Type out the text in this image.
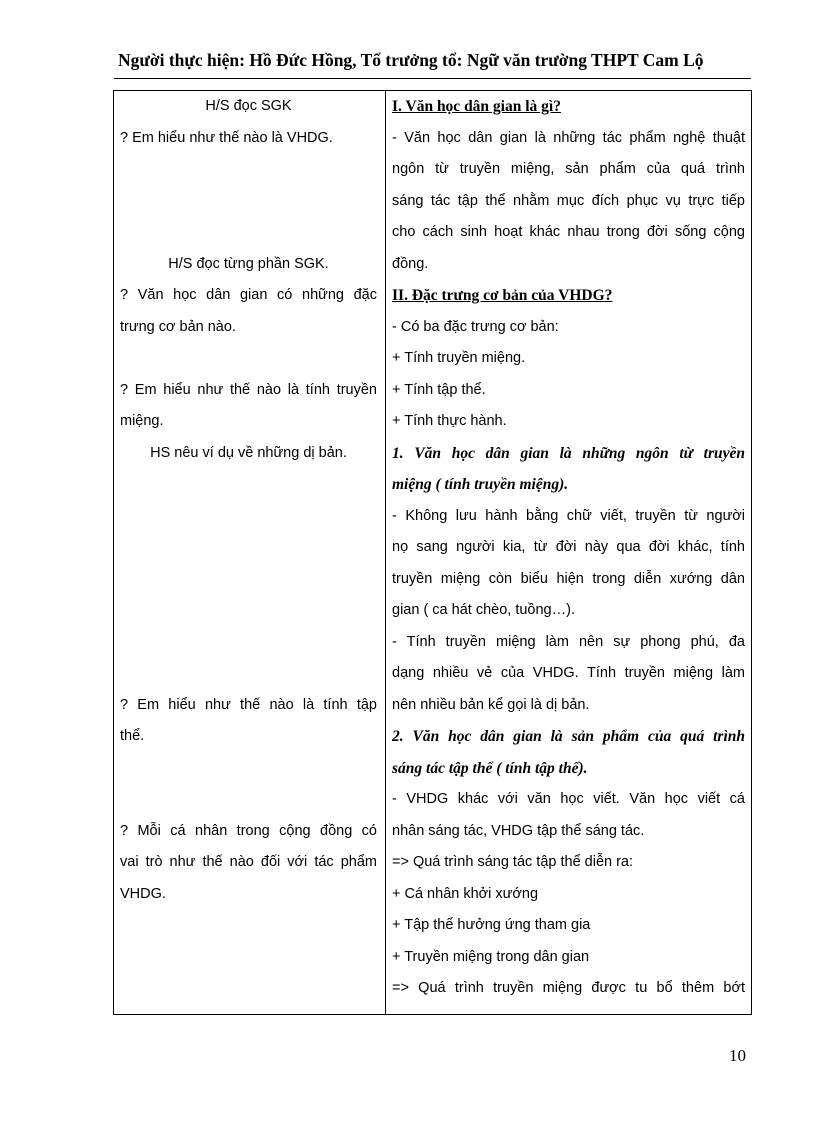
Người thực hiện: Hồ Đức Hồng, Tổ trưởng tổ: Ngữ văn trường THPT Cam Lộ
H/S đọc SGK
? Em hiểu như thế nào là VHDG.
H/S đọc từng phần SGK.
? Văn học dân gian có những đặc
trưng cơ bản nào.
? Em hiểu như thế nào là tính truyền
miệng.
HS nêu ví dụ về những dị bản.
? Em hiểu như thế nào là tính tập
thể.
? Mỗi cá nhân trong cộng đồng có
vai trò như thế nào đối với tác phẩm
VHDG.
I. Văn học dân gian là gì?
- Văn học dân gian là những tác phẩm nghệ thuật
ngôn từ truyền miệng, sản phẩm của quá trình
sáng tác tập thể nhằm mục đích phục vụ trực tiếp
cho cách sinh hoạt khác nhau trong đời sống cộng
đồng.
II. Đặc trưng cơ bản của VHDG?
- Có ba đặc trưng cơ bản:
+ Tính truyền miệng.
+ Tính tập thể.
+ Tính thực hành.
1. Văn học dân gian là những ngôn từ truyền
miệng ( tính truyền miệng).
- Không lưu hành bằng chữ viết, truyền từ người
nọ sang người kia, từ đời này qua đời khác, tính
truyền miệng còn biểu hiện trong diễn xướng dân
gian ( ca hát chèo, tuồng…).
- Tính truyền miệng làm nên sự phong phú, đa
dạng nhiều vẻ của VHDG. Tính truyền miệng làm
nên nhiều bản kể gọi là dị bản.
2. Văn học dân gian là sản phẩm của quá trình
sáng tác tập thể ( tính tập thể).
- VHDG khác với văn học viết. Văn học viết cá
nhân sáng tác, VHDG tập thể sáng tác.
=> Quá trình sáng tác tập thể diễn ra:
+ Cá nhân khởi xướng
+ Tập thể hưởng ứng tham gia
+ Truyền miệng trong dân gian
=> Quá trình truyền miệng được tu bổ thêm bớt
10
